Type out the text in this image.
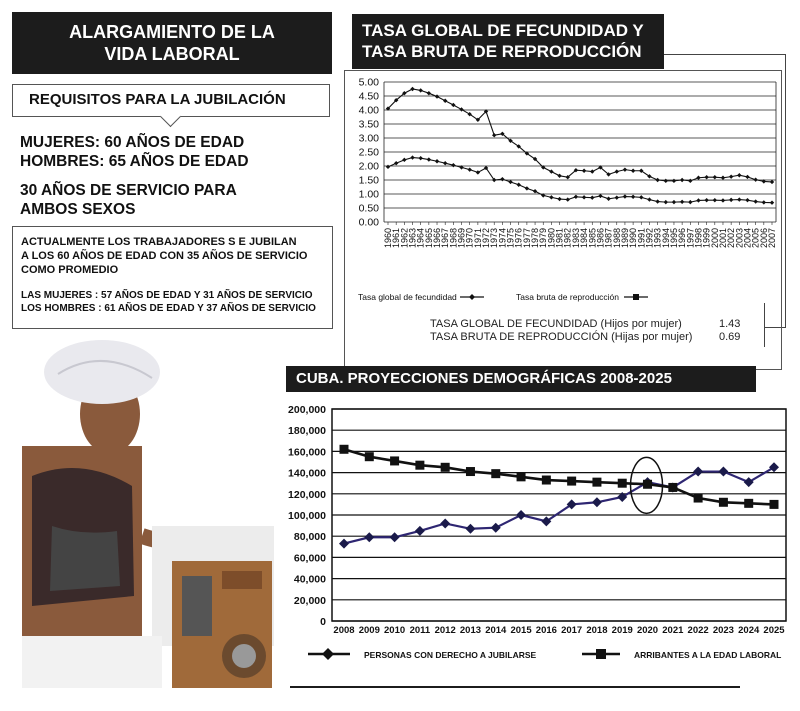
ALARGAMIENTO DE LA
VIDA LABORAL
REQUISITOS PARA LA JUBILACIÓN
MUJERES: 60 AÑOS DE EDAD
HOMBRES: 65 AÑOS DE EDAD
30 AÑOS DE SERVICIO PARA
AMBOS SEXOS
ACTUALMENTE LOS TRABAJADORES S E JUBILAN
A LOS 60 AÑOS DE EDAD CON 35 AÑOS DE SERVICIO
COMO PROMEDIO
LAS MUJERES : 57 AÑOS DE EDAD Y 31 AÑOS DE SERVICIO
LOS HOMBRES : 61 AÑOS DE EDAD Y 37 AÑOS DE SERVICIO
TASA GLOBAL DE FECUNDIDAD Y
TASA BRUTA DE REPRODUCCIÓN
0.00
0.50
1.00
1.50
2.00
2.50
3.00
3.50
4.00
4.50
5.00
1960
1961
1962
1963
1964
1965
1966
1967
1968
1969
1970
1971
1972
1973
1974
1975
1976
1977
1978
1979
1980
1981
1982
1983
1984
1985
1986
1987
1988
1989
1990
1991
1992
1993
1994
1995
1996
1997
1998
1999
2000
2001
2002
2003
2004
2005
2006
2007
Tasa global de fecundidad	Tasa bruta de reproducción
TASA GLOBAL DE FECUNDIDAD (Hijos por mujer)	1.43
TASA BRUTA DE REPRODUCCIÓN (Hijas por mujer) 0.69
CUBA. PROYECCIONES DEMOGRÁFICAS 2008-2025
0
20,000
40,000
60,000
80,000
100,000
120,000
140,000
160,000
180,000
200,000
2008 2009 2010 2011 2012 2013 2014 2015 2016 2017 2018 2019 2020 2021 2022 2023 2024 2025
PERSONAS CON DERECHO A JUBILARSE	ARRIBANTES A LA EDAD LABORAL
